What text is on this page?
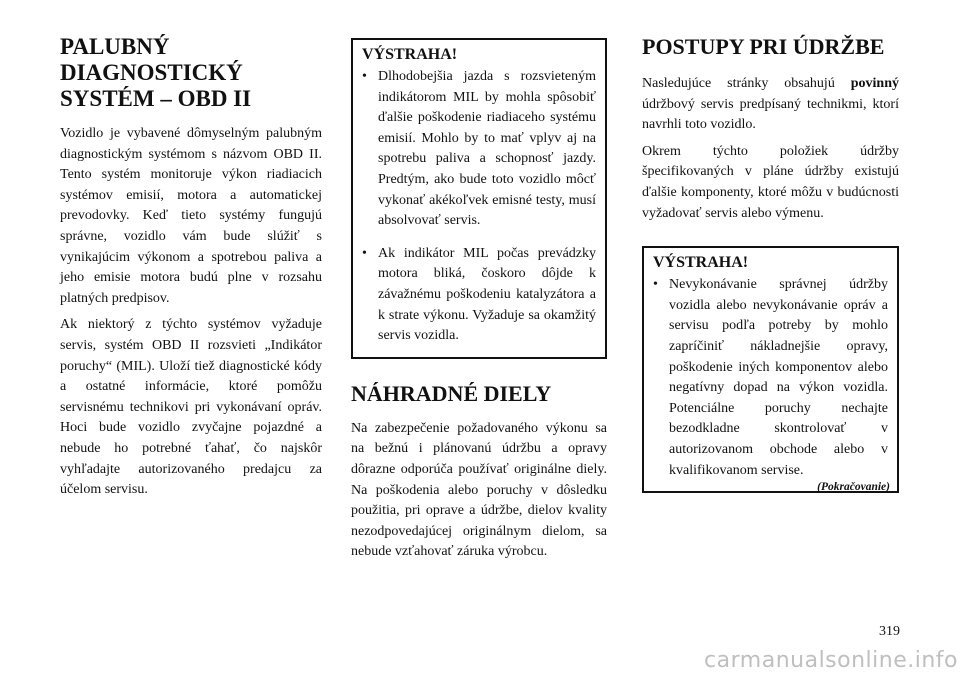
PALUBNÝ DIAGNOSTICKÝ SYSTÉM – OBD II

Vozidlo je vybavené dômyselným palubným diagnostickým systémom s názvom OBD II. Tento systém monitoruje výkon riadiacich systémov emisií, motora a automatickej prevodovky. Keď tieto systémy fungujú správne, vozidlo vám bude slúžiť s vynikajúcim výkonom a spotrebou paliva a jeho emisie motora budú plne v rozsahu platných predpisov.

Ak niektorý z týchto systémov vyžaduje servis, systém OBD II rozsvieti „Indikátor poruchy“ (MIL). Uloží tiež diagnostické kódy a ostatné informácie, ktoré pomôžu servisnému technikovi pri vykonávaní opráv. Hoci bude vozidlo zvyčajne pojazdné a nebude ho potrebné ťahať, čo najskôr vyhľadajte autorizovaného predajcu za účelom servisu.

VÝSTRAHA!
• Dlhodobejšia jazda s rozsvieteným indikátorom MIL by mohla spôsobiť ďalšie poškodenie riadiaceho systému emisií. Mohlo by to mať vplyv aj na spotrebu paliva a schopnosť jazdy. Predtým, ako bude toto vozidlo môcť vykonať akékoľvek emisné testy, musí absolvovať servis.
• Ak indikátor MIL počas prevádzky motora bliká, čoskoro dôjde k závažnému poškodeniu katalyzátora a k strate výkonu. Vyžaduje sa okamžitý servis vozidla.
NÁHRADNÉ DIELY

Na zabezpečenie požadovaného výkonu sa na bežnú i plánovanú údržbu a opravy dôrazne odporúča používať originálne diely. Na poškodenia alebo poruchy v dôsledku použitia, pri oprave a údržbe, dielov kvality nezodpovedajúcej originálnym dielom, sa nebude vzťahovať záruka výrobcu.

POSTUPY PRI ÚDRŽBE

Nasledujúce stránky obsahujú povinný údržbový servis predpísaný technikmi, ktorí navrhli toto vozidlo.

Okrem týchto položiek údržby špecifikovaných v pláne údržby existujú ďalšie komponenty, ktoré môžu v budúcnosti vyžadovať servis alebo výmenu.

VÝSTRAHA!
• Nevykonávanie správnej údržby vozidla alebo nevykonávanie opráv a servisu podľa potreby by mohlo zapríčiniť nákladnejšie opravy, poškodenie iných komponentov alebo negatívny dopad na výkon vozidla. Potenciálne poruchy nechajte bezodkladne skontrolovať v autorizovanom obchode alebo v kvalifikovanom servise.
(Pokračovanie)
319
carmanualsonline.info
